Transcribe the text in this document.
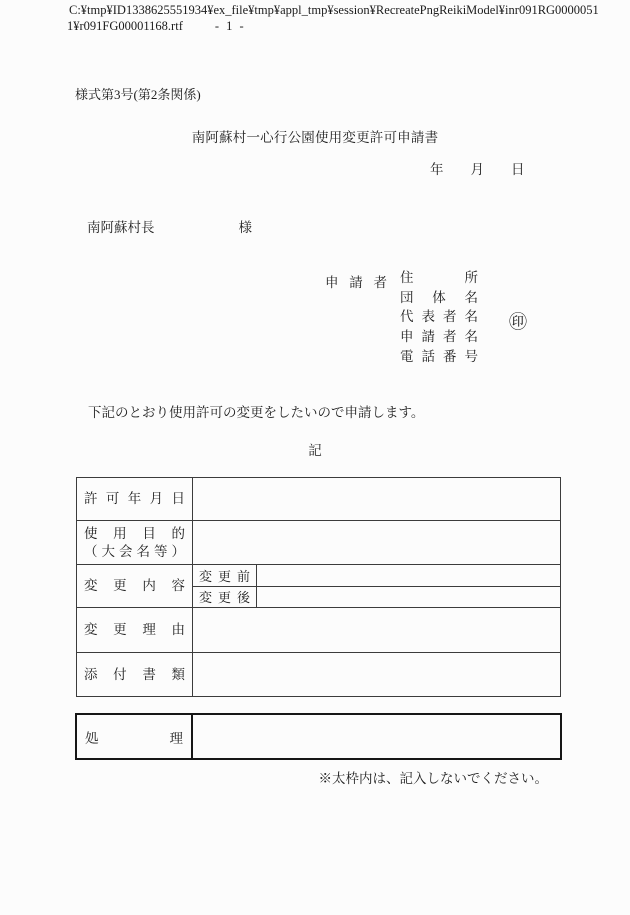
C:¥tmp¥ID1338625551934¥ex_file¥tmp¥appl_tmp¥session¥RecreatePngReikiModel¥inr091RG0000051
1¥r091FG00001168.rtf	- 1 -
様式第3号(第2条関係)
南阿蘇村一心行公園使用変更許可申請書
年　　月　　日
南阿蘇村長	様
申請者 住所
団体名
代表者名
申請者名
電話番号
㊞
下記のとおり使用許可の変更をしたいので申請します。
記
許可年月日
使用目的
（大会名等）
変更内容
変更前
変更後
変更理由
添付書類
処理
※太枠内は、記入しないでください。
